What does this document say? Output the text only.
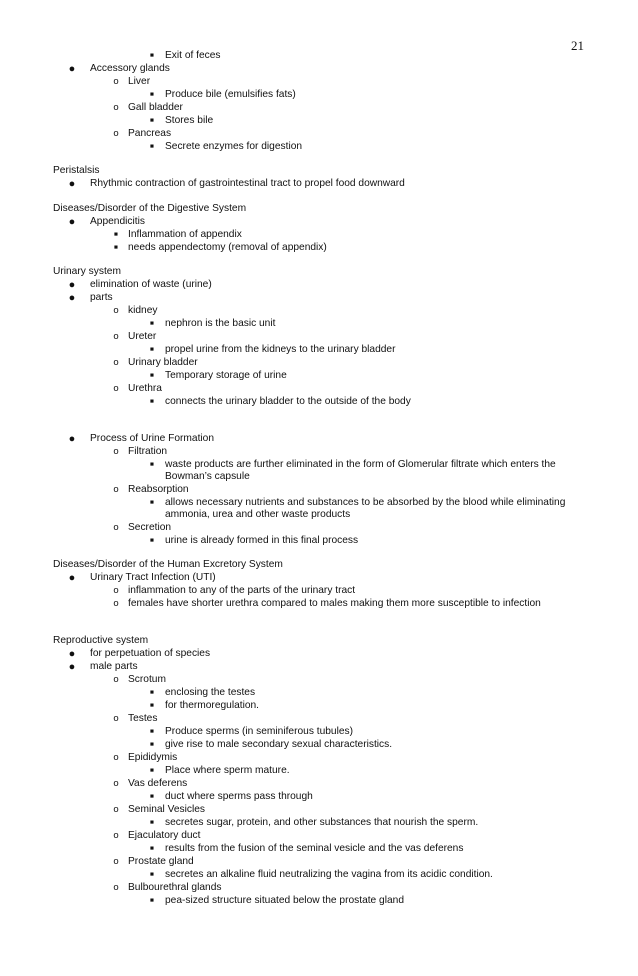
21
■ Exit of feces
● Accessory glands
o Liver
■ Produce bile (emulsifies fats)
o Gall bladder
■ Stores bile
o Pancreas
■ Secrete enzymes for digestion
Peristalsis
● Rhythmic contraction of gastrointestinal tract to propel food downward
Diseases/Disorder of the Digestive System
● Appendicitis
■ Inflammation of appendix
■ needs appendectomy (removal of appendix)
Urinary system
● elimination of waste (urine)
● parts
o kidney
■ nephron is the basic unit
o Ureter
■ propel urine from the kidneys to the urinary bladder
o Urinary bladder
■ Temporary storage of urine
o Urethra
■ connects the urinary bladder to the outside of the body
● Process of Urine Formation
o Filtration
■ waste products are further eliminated in the form of Glomerular filtrate which enters the
Bowman’s capsule
o Reabsorption
■ allows necessary nutrients and substances to be absorbed by the blood while eliminating
ammonia, urea and other waste products
o Secretion
■ urine is already formed in this final process
Diseases/Disorder of the Human Excretory System
● Urinary Tract Infection (UTI)
o inflammation to any of the parts of the urinary tract
o females have shorter urethra compared to males making them more susceptible to infection
Reproductive system
● for perpetuation of species
● male parts
o Scrotum
■ enclosing the testes
■ for thermoregulation.
o Testes
■ Produce sperms (in seminiferous tubules)
■ give rise to male secondary sexual characteristics.
o Epididymis
■ Place where sperm mature.
o Vas deferens
■ duct where sperms pass through
o Seminal Vesicles
■ secretes sugar, protein, and other substances that nourish the sperm.
o Ejaculatory duct
■ results from the fusion of the seminal vesicle and the vas deferens
o Prostate gland
■ secretes an alkaline fluid neutralizing the vagina from its acidic condition.
o Bulbourethral glands
■ pea-sized structure situated below the prostate gland
